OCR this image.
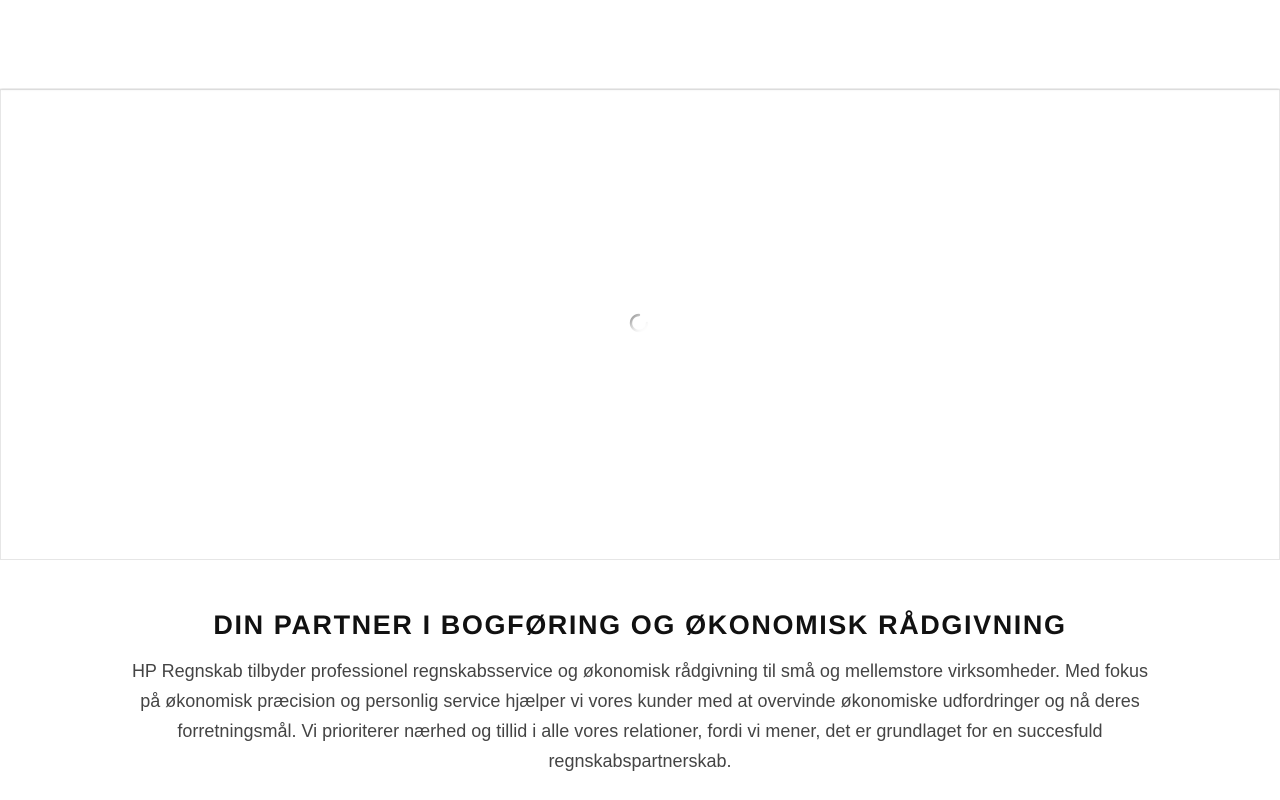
DIN PARTNER I BOGFØRING OG ØKONOMISK RÅDGIVNING

HP Regnskab tilbyder professionel regnskabsservice og økonomisk rådgivning til små og mellemstore virksomheder. Med fokus på økonomisk præcision og personlig service hjælper vi vores kunder med at overvinde økonomiske udfordringer og nå deres forretningsmål. Vi prioriterer nærhed og tillid i alle vores relationer, fordi vi mener, det er grundlaget for en succesfuld regnskabspartnerskab.
